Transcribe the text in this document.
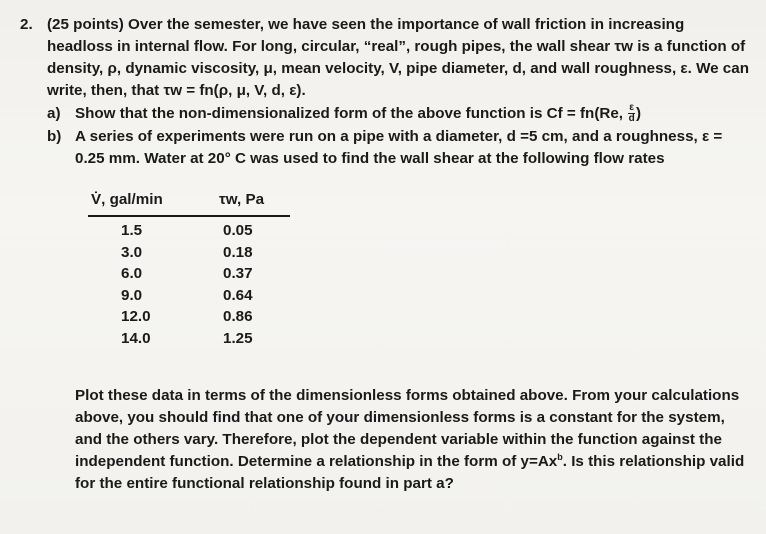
2. (25 points) Over the semester, we have seen the importance of wall friction in increasing headloss in internal flow. For long, circular, “real”, rough pipes, the wall shear τw is a function of density, ρ, dynamic viscosity, μ, mean velocity, V, pipe diameter, d, and wall roughness, ε. We can write, then, that τw = fn(ρ, μ, V, d, ε).
a) Show that the non-dimensionalized form of the above function is Cf = fn(Re, $\frac{\varepsilon}{d}$ )
b) A series of experiments were run on a pipe with a diameter, d =5 cm, and a roughness, ε = 0.25 mm. Water at 20° C was used to find the wall shear at the following flow rates
V̇, gal/min	τw, Pa
1.5	0.05
3.0	0.18
6.0	0.37
9.0	0.64
12.0	0.86
14.0	1.25
Plot these data in terms of the dimensionless forms obtained above. From your calculations above, you should find that one of your dimensionless forms is a constant for the system, and the others vary. Therefore, plot the dependent variable within the function against the independent function. Determine a relationship in the form of $y=Ax^b$. Is this relationship valid for the entire functional relationship found in part a?
